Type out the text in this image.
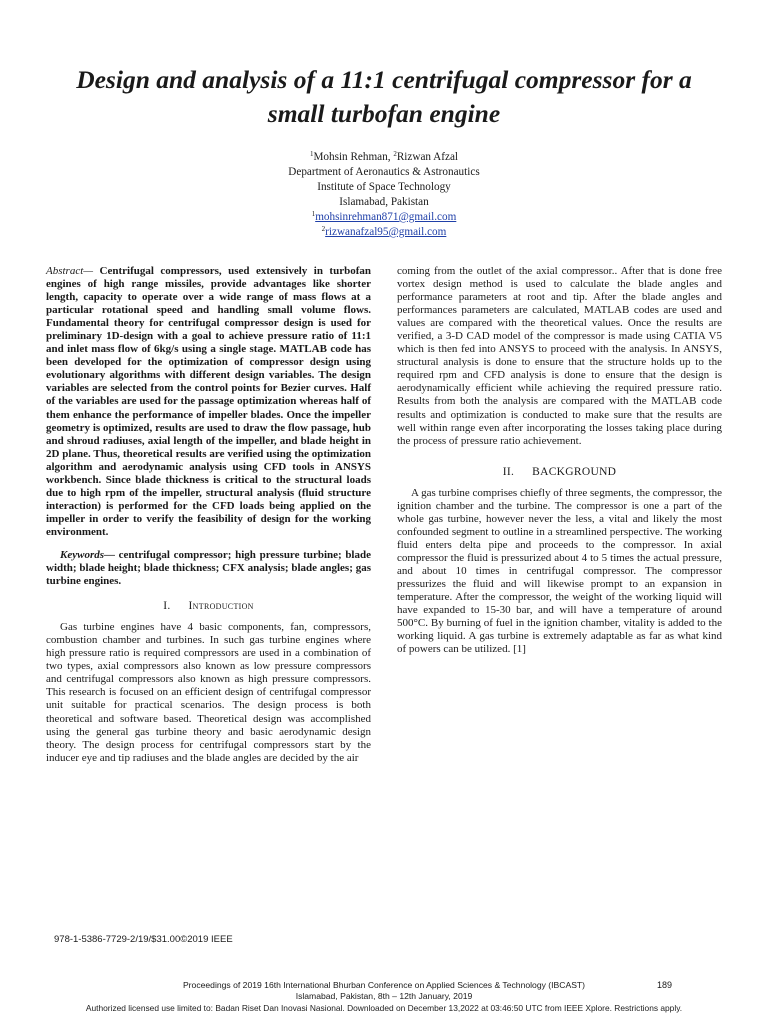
Design and analysis of a 11:1 centrifugal compressor for a small turbofan engine
$^1$Mohsin Rehman, $^2$Rizwan Afzal
Department of Aeronautics & Astronautics
Institute of Space Technology
Islamabad, Pakistan
$^1$mohsinrehman871@gmail.com
$^2$rizwanafzal95@gmail.com

Abstract— Centrifugal compressors, used extensively in turbofan engines of high range missiles, provide advantages like shorter length, capacity to operate over a wide range of mass flows at a particular rotational speed and handling small volume flows. Fundamental theory for centrifugal compressor design is used for preliminary 1D-design with a goal to achieve pressure ratio of 11:1 and inlet mass flow of 6kg/s using a single stage. MATLAB code has been developed for the optimization of compressor design using evolutionary algorithms with different design variables. The design variables are selected from the control points for Bezier curves. Half of the variables are used for the passage optimization whereas half of them enhance the performance of impeller blades. Once the impeller geometry is optimized, results are used to draw the flow passage, hub and shroud radiuses, axial length of the impeller, and blade height in 2D plane. Thus, theoretical results are verified using the optimization algorithm and aerodynamic analysis using CFD tools in ANSYS workbench. Since blade thickness is critical to the structural loads due to high rpm of the impeller, structural analysis (fluid structure interaction) is performed for the CFD loads being applied on the impeller in order to verify the feasibility of design for the working environment.

Keywords— centrifugal compressor; high pressure turbine; blade width; blade height; blade thickness; CFX analysis; blade angles; gas turbine engines.

I. Introduction

Gas turbine engines have 4 basic components, fan, compressors, combustion chamber and turbines. In such gas turbine engines where high pressure ratio is required compressors are used in a combination of two types, axial compressors also known as low pressure compressors and centrifugal compressors also known as high pressure compressors. This research is focused on an efficient design of centrifugal compressor unit suitable for practical scenarios. The design process is both theoretical and software based. Theoretical design was accomplished using the general gas turbine theory and basic aerodynamic design theory. The design process for centrifugal compressors start by the inducer eye and tip radiuses and the blade angles are decided by the air

coming from the outlet of the axial compressor.. After that is done free vortex design method is used to calculate the blade angles and performance parameters at root and tip. After the blade angles and performances parameters are calculated, MATLAB codes are used and values are compared with the theoretical values. Once the results are verified, a 3-D CAD model of the compressor is made using CATIA V5 which is then fed into ANSYS to proceed with the analysis. In ANSYS, structural analysis is done to ensure that the structure holds up to the required rpm and CFD analysis is done to ensure that the design is aerodynamically efficient while achieving the required pressure ratio. Results from both the analysis are compared with the MATLAB code results and optimization is conducted to make sure that the results are well within range even after incorporating the losses taking place during the process of pressure ratio achievement.

II. BACKGROUND

A gas turbine comprises chiefly of three segments, the compressor, the ignition chamber and the turbine. The compressor is one a part of the whole gas turbine, however never the less, a vital and likely the most confounded segment to outline in a streamlined perspective. The working fluid enters delta pipe and proceeds to the compressor. In axial compressor the fluid is pressurized about 4 to 5 times the actual pressure, and about 10 times in centrifugal compressor. The compressor pressurizes the fluid and will likewise prompt to an expansion in temperature. After the compressor, the weight of the working liquid will have expanded to 15-30 bar, and will have a temperature of around 500°C. By burning of fuel in the ignition chamber, vitality is added to the working liquid. A gas turbine is extremely adaptable as far as what kind of powers can be utilized. [1]

978-1-5386-7729-2/19/$31.00©2019 IEEE
Proceedings of 2019 16th International Bhurban Conference on Applied Sciences & Technology (IBCAST)
Islamabad, Pakistan, 8th – 12th January, 2019
189
Authorized licensed use limited to: Badan Riset Dan Inovasi Nasional. Downloaded on December 13,2022 at 03:46:50 UTC from IEEE Xplore. Restrictions apply.
